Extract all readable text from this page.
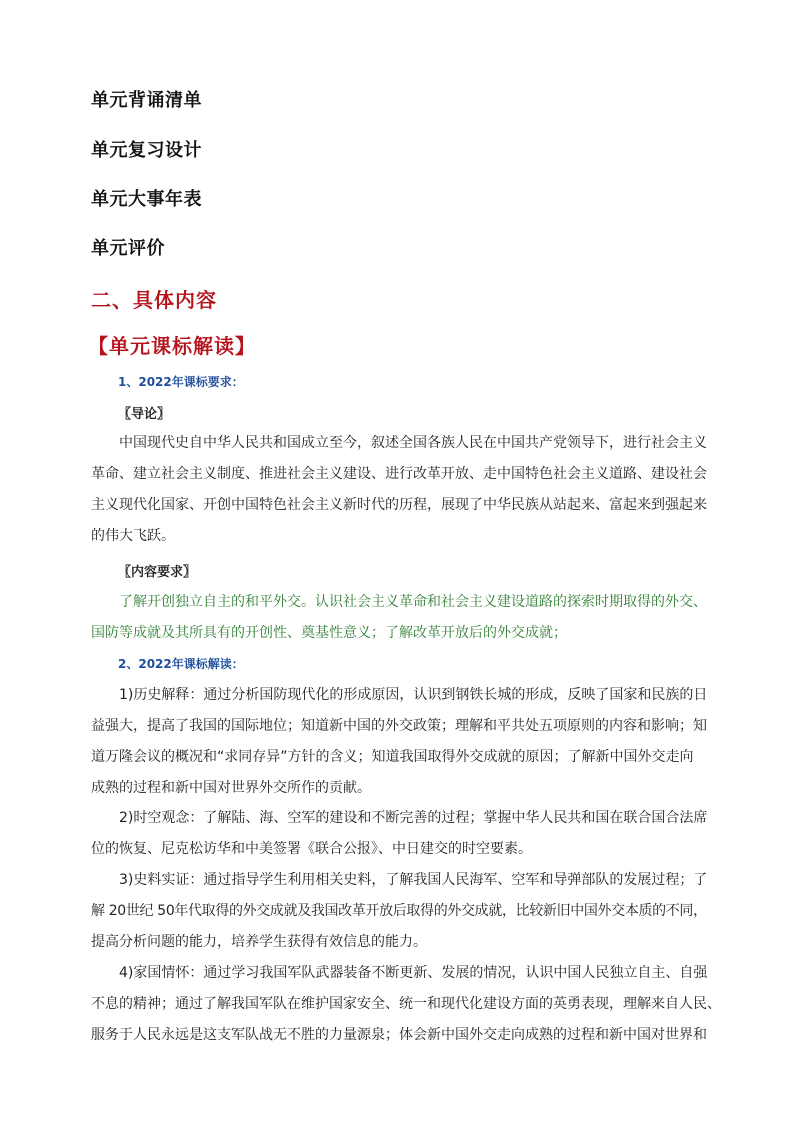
单元背诵清单
单元复习设计
单元大事年表
单元评价
二、具体内容
【单元课标解读】
1、2022年课标要求：
〖导论〗
中国现代史自中华人民共和国成立至今，叙述全国各族人民在中国共产党领导下，进行社会主义
革命、建立社会主义制度、推进社会主义建设、进行改革开放、走中国特色社会主义道路、建设社会
主义现代化国家、开创中国特色社会主义新时代的历程，展现了中华民族从站起来、富起来到强起来
的伟大飞跃。
〖内容要求〗
了解开创独立自主的和平外交。认识社会主义革命和社会主义建设道路的探索时期取得的外交、
国防等成就及其所具有的开创性、奠基性意义；了解改革开放后的外交成就；
2、2022年课标解读：
1)历史解释：通过分析国防现代化的形成原因，认识到钢铁长城的形成，反映了国家和民族的日
益强大，提高了我国的国际地位；知道新中国的外交政策；理解和平共处五项原则的内容和影响；知
道万隆会议的概况和“求同存异”方针的含义；知道我国取得外交成就的原因；了解新中国外交走向
成熟的过程和新中国对世界外交所作的贡献。
2)时空观念：了解陆、海、空军的建设和不断完善的过程；掌握中华人民共和国在联合国合法席
位的恢复、尼克松访华和中美签署《联合公报》、中日建交的时空要素。
3)史料实证：通过指导学生利用相关史料，了解我国人民海军、空军和导弹部队的发展过程；了
解 20世纪 50年代取得的外交成就及我国改革开放后取得的外交成就，比较新旧中国外交本质的不同，
提高分析问题的能力，培养学生获得有效信息的能力。
4)家国情怀：通过学习我国军队武器装备不断更新、发展的情况，认识中国人民独立自主、自强
不息的精神；通过了解我国军队在维护国家安全、统一和现代化建设方面的英勇表现，理解来自人民、
服务于人民永远是这支军队战无不胜的力量源泉；体会新中国外交走向成熟的过程和新中国对世界和
